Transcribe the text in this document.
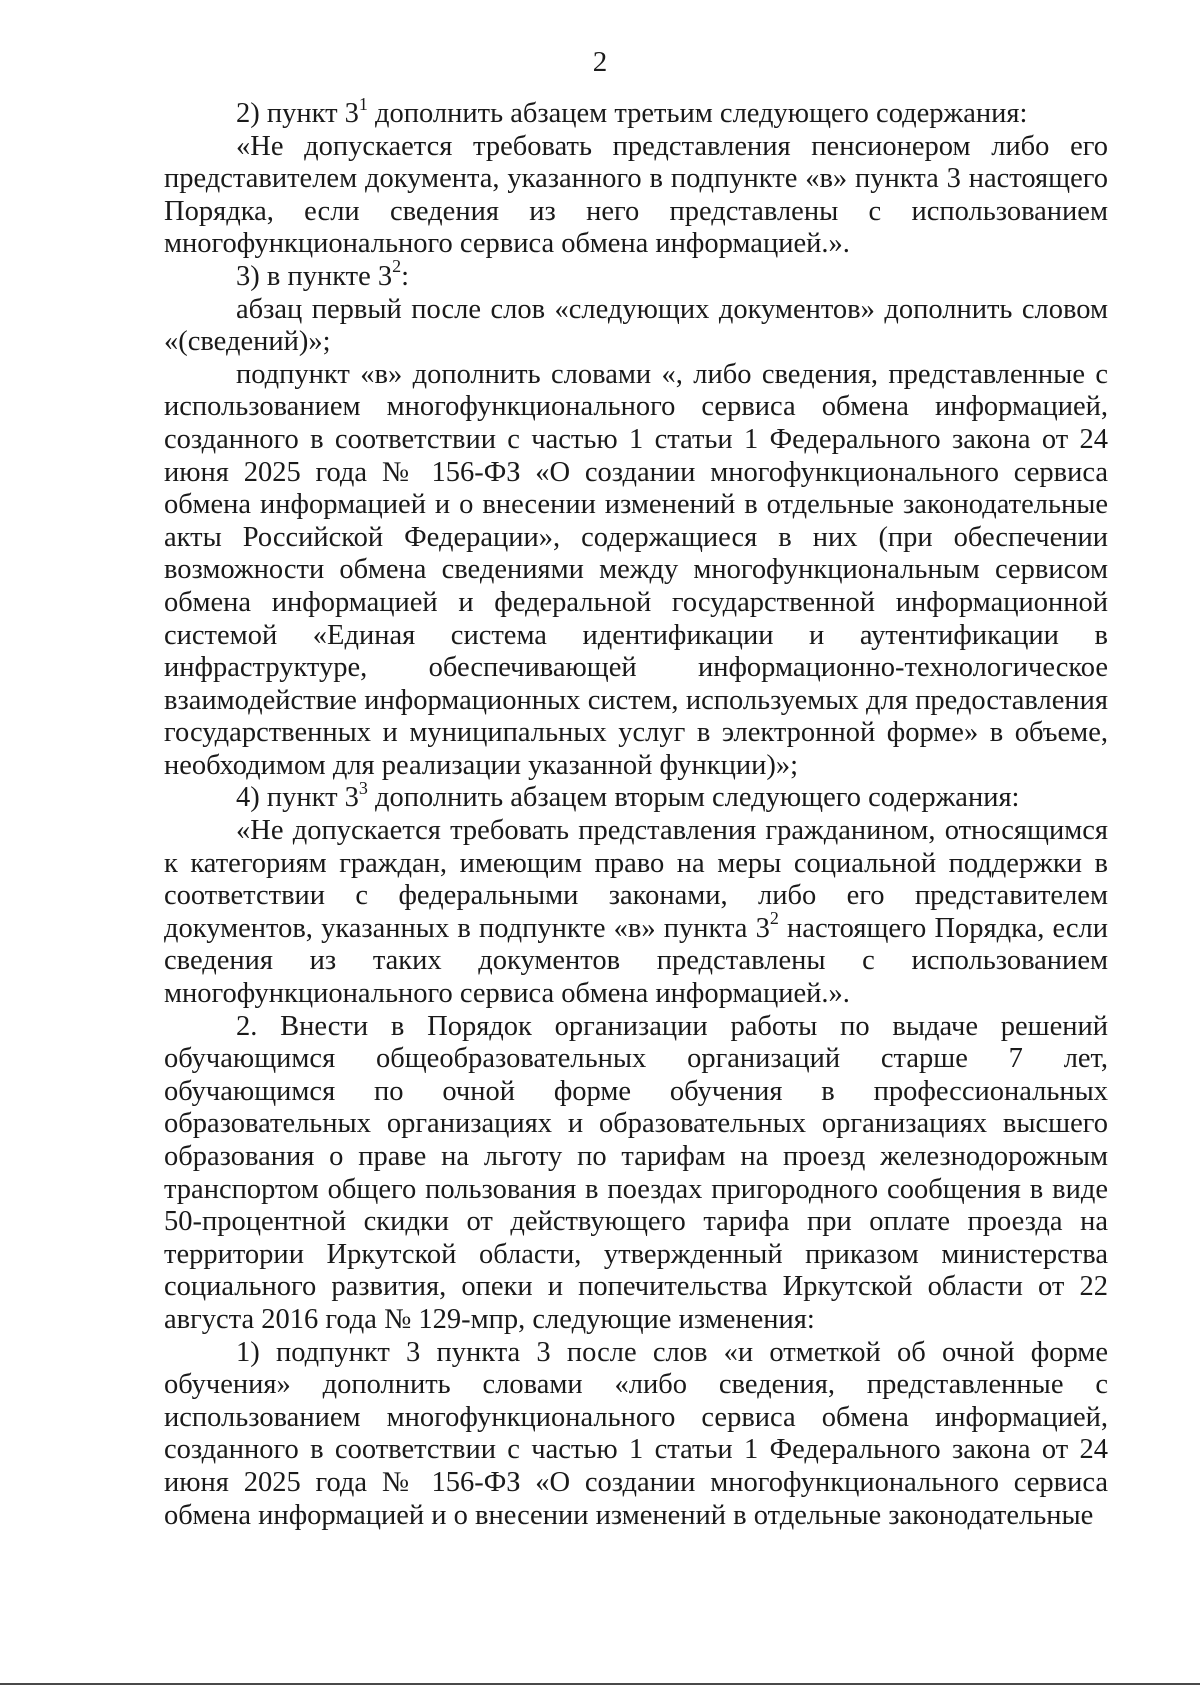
2

2) пункт $3^1$ дополнить абзацем третьим следующего содержания:

«Не допускается требовать представления пенсионером либо его представителем документа, указанного в подпункте «в» пункта 3 настоящего Порядка, если сведения из него представлены с использованием многофункционального сервиса обмена информацией.».

3) в пункте $3^2$:

абзац первый после слов «следующих документов» дополнить словом «(сведений)»;

подпункт «в» дополнить словами «, либо сведения, представленные с использованием многофункционального сервиса обмена информацией, созданного в соответствии с частью 1 статьи 1 Федерального закона от 24 июня 2025 года № 156-ФЗ «О создании многофункционального сервиса обмена информацией и о внесении изменений в отдельные законодательные акты Российской Федерации», содержащиеся в них (при обеспечении возможности обмена сведениями между многофункциональным сервисом обмена информацией и федеральной государственной информационной системой «Единая система идентификации и аутентификации в инфраструктуре, обеспечивающей информационно-технологическое взаимодействие информационных систем, используемых для предоставления государственных и муниципальных услуг в электронной форме» в объеме, необходимом для реализации указанной функции)»;

4) пункт $3^3$ дополнить абзацем вторым следующего содержания:

«Не допускается требовать представления гражданином, относящимся к категориям граждан, имеющим право на меры социальной поддержки в соответствии с федеральными законами, либо его представителем документов, указанных в подпункте «в» пункта $3^2$ настоящего Порядка, если сведения из таких документов представлены с использованием многофункционального сервиса обмена информацией.».

2. Внести в Порядок организации работы по выдаче решений обучающимся общеобразовательных организаций старше 7 лет, обучающимся по очной форме обучения в профессиональных образовательных организациях и образовательных организациях высшего образования о праве на льготу по тарифам на проезд железнодорожным транспортом общего пользования в поездах пригородного сообщения в виде 50-процентной скидки от действующего тарифа при оплате проезда на территории Иркутской области, утвержденный приказом министерства социального развития, опеки и попечительства Иркутской области от 22 августа 2016 года № 129-мпр, следующие изменения:

1) подпункт 3 пункта 3 после слов «и отметкой об очной форме обучения» дополнить словами «либо сведения, представленные с использованием многофункционального сервиса обмена информацией, созданного в соответствии с частью 1 статьи 1 Федерального закона от 24 июня 2025 года № 156-ФЗ «О создании многофункционального сервиса обмена информацией и о внесении изменений в отдельные законодательные
